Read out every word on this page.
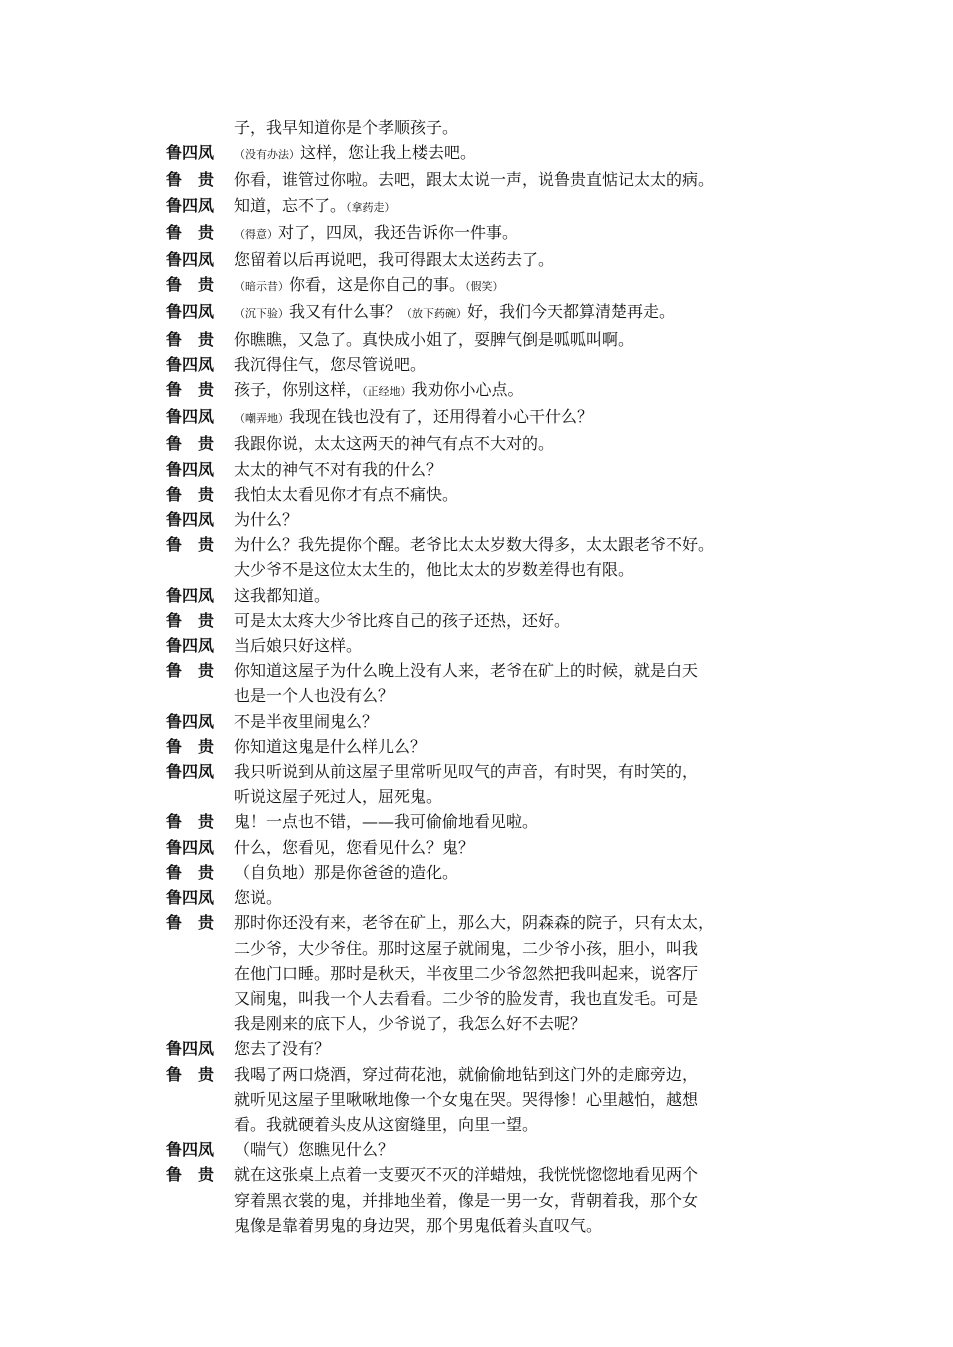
子，我早知道你是个孝顺孩子。
鲁四凤	（没有办法）这样，您让我上楼去吧。
鲁　贵	你看，谁管过你啦。去吧，跟太太说一声，说鲁贵直惦记太太的病。
鲁四凤	知道，忘不了。（拿药走）
鲁　贵	（得意）对了，四凤，我还告诉你一件事。
鲁四凤	您留着以后再说吧，我可得跟太太送药去了。
鲁　贵	（暗示昔）你看，这是你自己的事。（假笑）
鲁四凤	（沉下验）我又有什么事？（放下药碗）好，我们今天都算清楚再走。
鲁　贵	你瞧瞧，又急了。真快成小姐了，耍脾气倒是呱呱叫啊。
鲁四凤	我沉得住气，您尽管说吧。
鲁　贵	孩子，你别这样，（正经地）我劝你小心点。
鲁四凤	（嘲弄地）我现在钱也没有了，还用得着小心干什么？
鲁　贵	我跟你说，太太这两天的神气有点不大对的。
鲁四凤	太太的神气不对有我的什么？
鲁　贵	我怕太太看见你才有点不痛快。
鲁四凤	为什么？
鲁　贵	为什么？我先提你个醒。老爷比太太岁数大得多，太太跟老爷不好。
大少爷不是这位太太生的，他比太太的岁数差得也有限。
鲁四凤	这我都知道。
鲁　贵	可是太太疼大少爷比疼自己的孩子还热，还好。
鲁四凤	当后娘只好这样。
鲁　贵	你知道这屋子为什么晚上没有人来，老爷在矿上的时候，就是白天
也是一个人也没有么？
鲁四凤	不是半夜里闹鬼么？
鲁　贵	你知道这鬼是什么样儿么？
鲁四凤	我只听说到从前这屋子里常听见叹气的声音，有时哭，有时笑的，
听说这屋子死过人，屈死鬼。
鲁　贵	鬼！一点也不错，——我可偷偷地看见啦。
鲁四凤	什么，您看见，您看见什么？鬼？
鲁　贵	（自负地）那是你爸爸的造化。
鲁四凤	您说。
鲁　贵	那时你还没有来，老爷在矿上，那么大，阴森森的院子，只有太太，
二少爷，大少爷住。那时这屋子就闹鬼，二少爷小孩，胆小，叫我
在他门口睡。那时是秋天，半夜里二少爷忽然把我叫起来，说客厅
又闹鬼，叫我一个人去看看。二少爷的脸发青，我也直发毛。可是
我是刚来的底下人，少爷说了，我怎么好不去呢？
鲁四凤	您去了没有？
鲁　贵	我喝了两口烧酒，穿过荷花池，就偷偷地钻到这门外的走廊旁边，
就听见这屋子里啾啾地像一个女鬼在哭。哭得惨！心里越怕，越想
看。我就硬着头皮从这窗缝里，向里一望。
鲁四凤	（喘气）您瞧见什么？
鲁　贵	就在这张桌上点着一支要灭不灭的洋蜡烛，我恍恍惚惚地看见两个
穿着黑衣裳的鬼，并排地坐着，像是一男一女，背朝着我，那个女
鬼像是靠着男鬼的身边哭，那个男鬼低着头直叹气。
